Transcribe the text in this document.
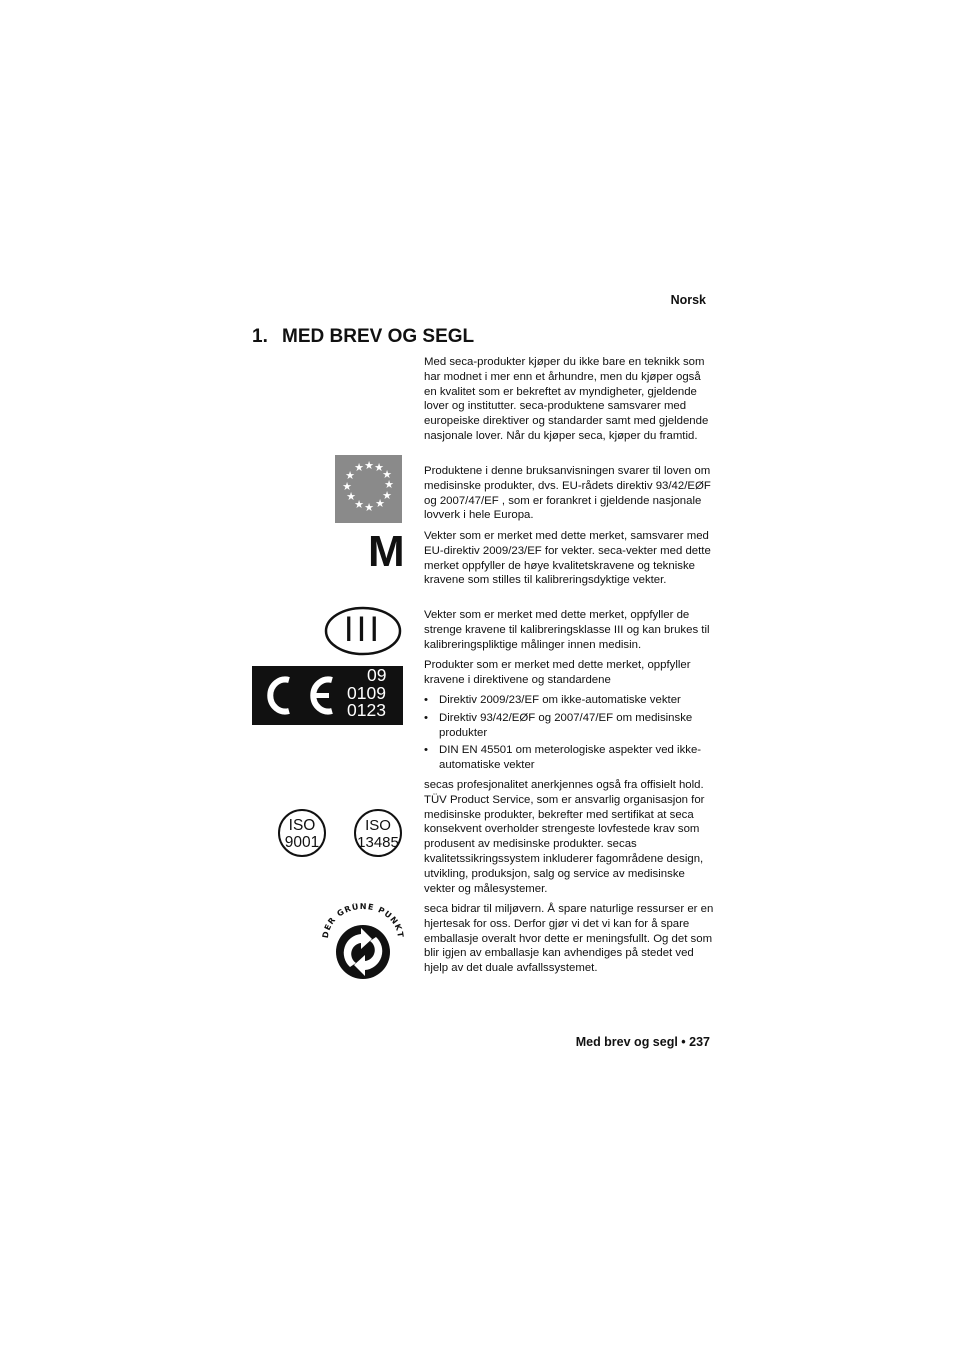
Norsk
1. MED BREV OG SEGL

Med seca-produkter kjøper du ikke bare en teknikk som har modnet i mer enn et århundre, men du kjøper også en kvalitet som er bekreftet av myndigheter, gjeldende lover og institutter. seca-produktene samsvarer med europeiske direktiver og standarder samt med gjeldende nasjonale lover. Når du kjøper seca, kjøper du framtid.

★ ★
★
★
★
★
★
★
★
★
★
★	Produktene i denne bruksanvisningen svarer til loven om medisinske produkter, dvs. EU-rådets direktiv 93/42/EØF og 2007/47/EF , som er forankret i gjeldende nasjonale lovverk i hele Europa.

M Vekter som er merket med dette merket, samsvarer med EU-direktiv 2009/23/EF for vekter. seca-vekter med dette merket oppfyller de høye kvalitetskravene og tekniske kravene som stilles til kalibreringsdyktige vekter.

III	Vekter som er merket med dette merket, oppfyller de strenge kravene til kalibreringsklasse III og kan brukes til kalibreringspliktige målinger innen medisin.

09
0109
0123

Produkter som er merket med dette merket, oppfyller kravene i direktivene og standardene

• Direktiv 2009/23/EF om ikke-automatiske vekter
• Direktiv 93/42/EØF og 2007/47/EF om medisinske produkter
• DIN EN 45501 om meterologiske aspekter ved ikke-automatiske vekter
ISO
9001
ISO
13485

secas profesjonalitet anerkjennes også fra offisielt hold. TÜV Product Service, som er ansvarlig organisasjon for medisinske produkter, bekrefter med sertifikat at seca konsekvent overholder strengeste lovfestede krav som produsent av medisinske produkter. secas kvalitetssikringssystem inkluderer fagområdene design, utvikling, produksjon, salg og service av medisinske vekter og målesystemer.

DER GRÜNE PUNKT

seca bidrar til miljøvern. Å spare naturlige ressurser er en hjertesak for oss. Derfor gjør vi det vi kan for å spare emballasje overalt hvor dette er meningsfullt. Og det som blir igjen av emballasje kan avhendiges på stedet ved hjelp av det duale avfallssystemet.

Med brev og segl • 237
